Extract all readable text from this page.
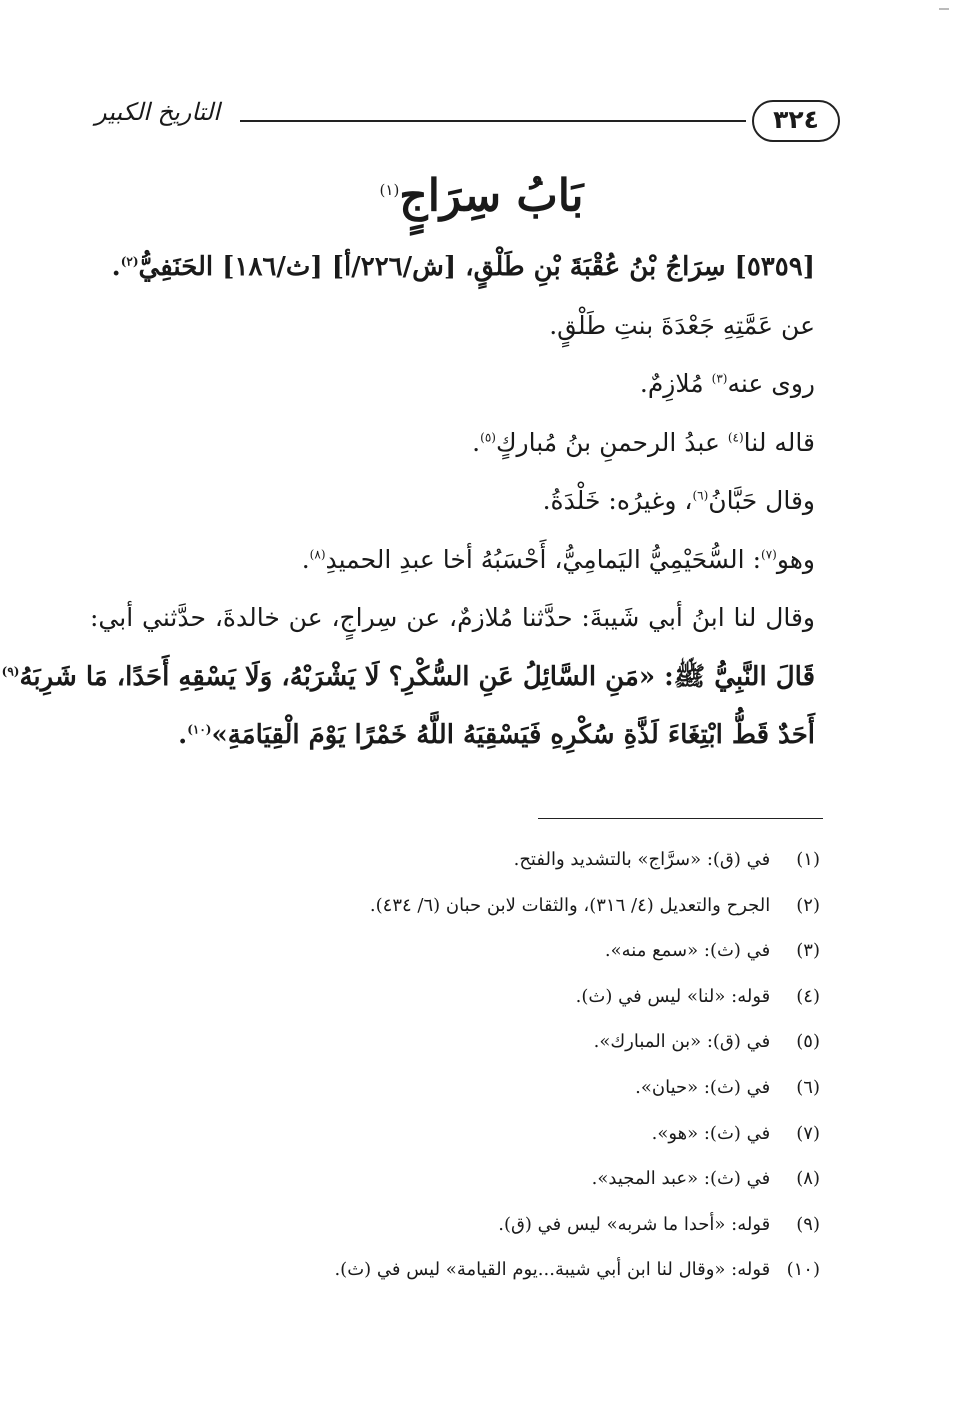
٣٢٤
التاريخ الكبير
بَابُ سِرَاجٍ$^{(١)}$
[٥٣٥٩] سِرَاجُ بْنُ عُقْبَةَ بْنِ طَلْقٍ، [ش/٢٢٦/أ] [ث/١٨٦] الحَنَفِيُّ$^{(٢)}$.
عن عَمَّتِهِ جَعْدَةَ بنتِ طَلْقٍ.
روى عنه$^{(٣)}$ مُلازِمٌ.
قاله لنا$^{(٤)}$ عبدُ الرحمنِ بنُ مُباركٍ$^{(٥)}$.
وقال حَبَّانُ$^{(٦)}$، وغيرُه: خَلْدَةُ.
وهو$^{(٧)}$: السُّحَيْمِيُّ اليَمامِيُّ، أَحْسَبُهُ أخا عبدِ الحميدِ$^{(٨)}$.
وقال لنا ابنُ أبي شَيبةَ: حدَّثنا مُلازمٌ، عن سِراجٍ، عن خالدةَ، حدَّثني أبي:
قَالَ النَّبِيُّ ﷺ: «مَنِ السَّائِلُ عَنِ السُّكْرِ؟ لَا يَشْرَبْهُ، وَلَا يَسْقِهِ أَحَدًا، مَا شَرِبَهُ$^{(٩)}$
أَحَدٌ قَطُّ ابْتِغَاءَ لَذَّةِ سُكْرِهِ فَيَسْقِيَهُ اللَّهُ خَمْرًا يَوْمَ الْقِيَامَةِ»$^{(١٠)}$.
(١) في (ق): «سرَّاج» بالتشديد والفتح.
(٢) الجرح والتعديل (٤/ ٣١٦)، والثقات لابن حبان (٦/ ٤٣٤).
(٣) في (ث): «سمع منه».
(٤) قوله: «لنا» ليس في (ث).
(٥) في (ق): «بن المبارك».
(٦) في (ث): «حيان».
(٧) في (ث): «هو».
(٨) في (ث): «عبد المجيد».
(٩) قوله: «أحدا ما شربه» ليس في (ق).
(١٠) قوله: «وقال لنا ابن أبي شيبة...يوم القيامة» ليس في (ث).
